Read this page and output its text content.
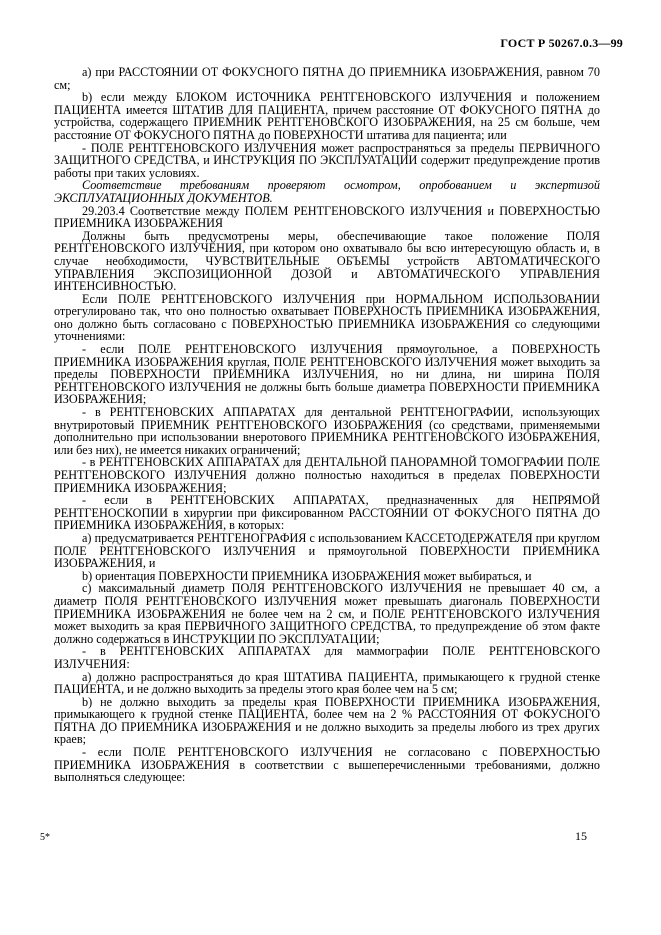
ГОСТ Р 50267.0.3—99

а) при РАССТОЯНИИ ОТ ФОКУСНОГО ПЯТНА ДО ПРИЕМНИКА ИЗОБРАЖЕНИЯ, равном 70 см;

b) если между БЛОКОМ ИСТОЧНИКА РЕНТГЕНОВСКОГО ИЗЛУЧЕНИЯ и положением ПАЦИЕНТА имеется ШТАТИВ ДЛЯ ПАЦИЕНТА, причем расстояние ОТ ФОКУСНОГО ПЯТНА до устройства, содержащего ПРИЕМНИК РЕНТГЕНОВСКОГО ИЗОБРАЖЕНИЯ, на 25 см больше, чем расстояние ОТ ФОКУСНОГО ПЯТНА до ПОВЕРХНОСТИ штатива для пациента; или

- ПОЛЕ РЕНТГЕНОВСКОГО ИЗЛУЧЕНИЯ может распространяться за пределы ПЕРВИЧНОГО ЗАЩИТНОГО СРЕДСТВА, и ИНСТРУКЦИЯ ПО ЭКСПЛУАТАЦИИ содержит предупреждение против работы при таких условиях.

Соответствие требованиям проверяют осмотром, опробованием и экспертизой ЭКСПЛУАТАЦИОННЫХ ДОКУМЕНТОВ.

29.203.4 Соответствие между ПОЛЕМ РЕНТГЕНОВСКОГО ИЗЛУЧЕНИЯ и ПОВЕРХНОСТЬЮ ПРИЕМНИКА ИЗОБРАЖЕНИЯ

Должны быть предусмотрены меры, обеспечивающие такое положение ПОЛЯ РЕНТГЕНОВСКОГО ИЗЛУЧЕНИЯ, при котором оно охватывало бы всю интересующую область и, в случае необходимости, ЧУВСТВИТЕЛЬНЫЕ ОБЪЕМЫ устройств АВТОМАТИЧЕСКОГО УПРАВЛЕНИЯ ЭКСПОЗИЦИОННОЙ ДОЗОЙ и АВТОМАТИЧЕСКОГО УПРАВЛЕНИЯ ИНТЕНСИВНОСТЬЮ.

Если ПОЛЕ РЕНТГЕНОВСКОГО ИЗЛУЧЕНИЯ при НОРМАЛЬНОМ ИСПОЛЬЗОВАНИИ отрегулировано так, что оно полностью охватывает ПОВЕРХНОСТЬ ПРИЕМНИКА ИЗОБРАЖЕНИЯ, оно должно быть согласовано с ПОВЕРХНОСТЬЮ ПРИЕМНИКА ИЗОБРАЖЕНИЯ со следующими уточнениями:

- если ПОЛЕ РЕНТГЕНОВСКОГО ИЗЛУЧЕНИЯ прямоугольное, а ПОВЕРХНОСТЬ ПРИЕМНИКА ИЗОБРАЖЕНИЯ круглая, ПОЛЕ РЕНТГЕНОВСКОГО ИЗЛУЧЕНИЯ может выходить за пределы ПОВЕРХНОСТИ ПРИЕМНИКА ИЗЛУЧЕНИЯ, но ни длина, ни ширина ПОЛЯ РЕНТГЕНОВСКОГО ИЗЛУЧЕНИЯ не должны быть больше диаметра ПОВЕРХНОСТИ ПРИЕМНИКА ИЗОБРАЖЕНИЯ;

- в РЕНТГЕНОВСКИХ АППАРАТАХ для дентальной РЕНТГЕНОГРАФИИ, использующих внутриротовый ПРИЕМНИК РЕНТГЕНОВСКОГО ИЗОБРАЖЕНИЯ (со средствами, применяемыми дополнительно при использовании внеротового ПРИЕМНИКА РЕНТГЕНОВСКОГО ИЗОБРАЖЕНИЯ, или без них), не имеется никаких ограничений;

- в РЕНТГЕНОВСКИХ АППАРАТАХ для ДЕНТАЛЬНОЙ ПАНОРАМНОЙ ТОМОГРАФИИ ПОЛЕ РЕНТГЕНОВСКОГО ИЗЛУЧЕНИЯ должно полностью находиться в пределах ПОВЕРХНОСТИ ПРИЕМНИКА ИЗОБРАЖЕНИЯ;

- если в РЕНТГЕНОВСКИХ АППАРАТАХ, предназначенных для НЕПРЯМОЙ РЕНТГЕНОСКОПИИ в хирургии при фиксированном РАССТОЯНИИ ОТ ФОКУСНОГО ПЯТНА ДО ПРИЕМНИКА ИЗОБРАЖЕНИЯ, в которых:

а) предусматривается РЕНТГЕНОГРАФИЯ с использованием КАССЕТОДЕРЖАТЕЛЯ при круглом ПОЛЕ РЕНТГЕНОВСКОГО ИЗЛУЧЕНИЯ и прямоугольной ПОВЕРХНОСТИ ПРИЕМНИКА ИЗОБРАЖЕНИЯ, и

b) ориентация ПОВЕРХНОСТИ ПРИЕМНИКА ИЗОБРАЖЕНИЯ может выбираться, и

с) максимальный диаметр ПОЛЯ РЕНТГЕНОВСКОГО ИЗЛУЧЕНИЯ не превышает 40 см, а диаметр ПОЛЯ РЕНТГЕНОВСКОГО ИЗЛУЧЕНИЯ может превышать диагональ ПОВЕРХНОСТИ ПРИЕМНИКА ИЗОБРАЖЕНИЯ не более чем на 2 см, и ПОЛЕ РЕНТГЕНОВСКОГО ИЗЛУЧЕНИЯ может выходить за края ПЕРВИЧНОГО ЗАЩИТНОГО СРЕДСТВА, то предупреждение об этом факте должно содержаться в ИНСТРУКЦИИ ПО ЭКСПЛУАТАЦИИ;

- в РЕНТГЕНОВСКИХ АППАРАТАХ для маммографии ПОЛЕ РЕНТГЕНОВСКОГО ИЗЛУЧЕНИЯ:

а) должно распространяться до края ШТАТИВА ПАЦИЕНТА, примыкающего к грудной стенке ПАЦИЕНТА, и не должно выходить за пределы этого края более чем на 5 см;

b) не должно выходить за пределы края ПОВЕРХНОСТИ ПРИЕМНИКА ИЗОБРАЖЕНИЯ, примыкающего к грудной стенке ПАЦИЕНТА, более чем на 2 % РАССТОЯНИЯ ОТ ФОКУСНОГО ПЯТНА ДО ПРИЕМНИКА ИЗОБРАЖЕНИЯ и не должно выходить за пределы любого из трех других краев;

- если ПОЛЕ РЕНТГЕНОВСКОГО ИЗЛУЧЕНИЯ не согласовано с ПОВЕРХНОСТЬЮ ПРИЕМНИКА ИЗОБРАЖЕНИЯ в соответствии с вышеперечисленными требованиями, должно выполняться следующее:

5*	15
